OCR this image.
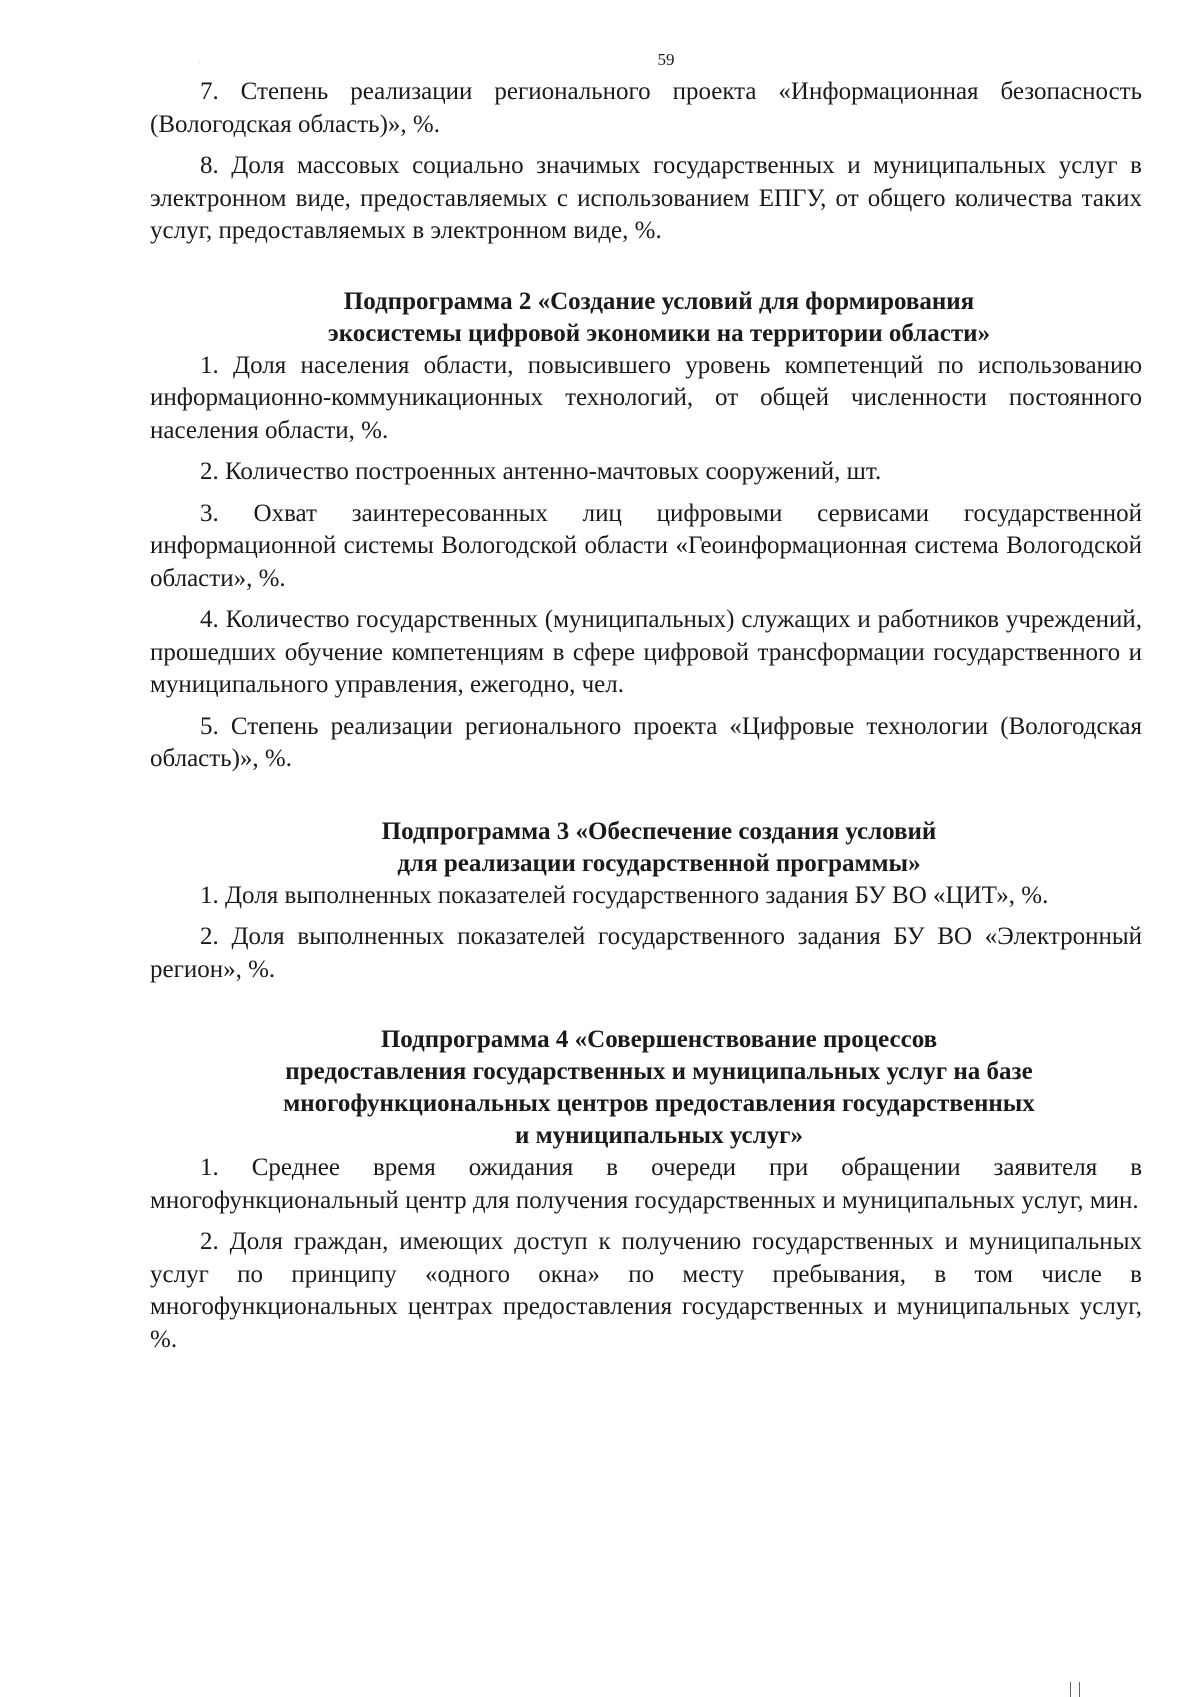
59

7. Степень реализации регионального проекта «Информационная безопасность (Вологодская область)», %.

8. Доля массовых социально значимых государственных и муниципальных услуг в электронном виде, предоставляемых с использованием ЕПГУ, от общего количества таких услуг, предоставляемых в электронном виде, %.

Подпрограмма 2 «Создание условий для формирования
экосистемы цифровой экономики на территории области»

1. Доля населения области, повысившего уровень компетенций по использованию информационно-коммуникационных технологий, от общей численности постоянного населения области, %.

2. Количество построенных антенно-мачтовых сооружений, шт.

3. Охват заинтересованных лиц цифровыми сервисами государственной информационной системы Вологодской области «Геоинформационная система Вологодской области», %.

4. Количество государственных (муниципальных) служащих и работников учреждений, прошедших обучение компетенциям в сфере цифровой трансформации государственного и муниципального управления, ежегодно, чел.

5. Степень реализации регионального проекта «Цифровые технологии (Вологодская область)», %.

Подпрограмма 3 «Обеспечение создания условий
для реализации государственной программы»

1. Доля выполненных показателей государственного задания БУ ВО «ЦИТ», %.

2. Доля выполненных показателей государственного задания БУ ВО «Электронный регион», %.

Подпрограмма 4 «Совершенствование процессов
предоставления государственных и муниципальных услуг на базе
многофункциональных центров предоставления государственных
и муниципальных услуг»

1. Среднее время ожидания в очереди при обращении заявителя в многофункциональный центр для получения государственных и муниципальных услуг, мин.

2. Доля граждан, имеющих доступ к получению государственных и муниципальных услуг по принципу «одного окна» по месту пребывания, в том числе в многофункциональных центрах предоставления государственных и муниципальных услуг, %.
